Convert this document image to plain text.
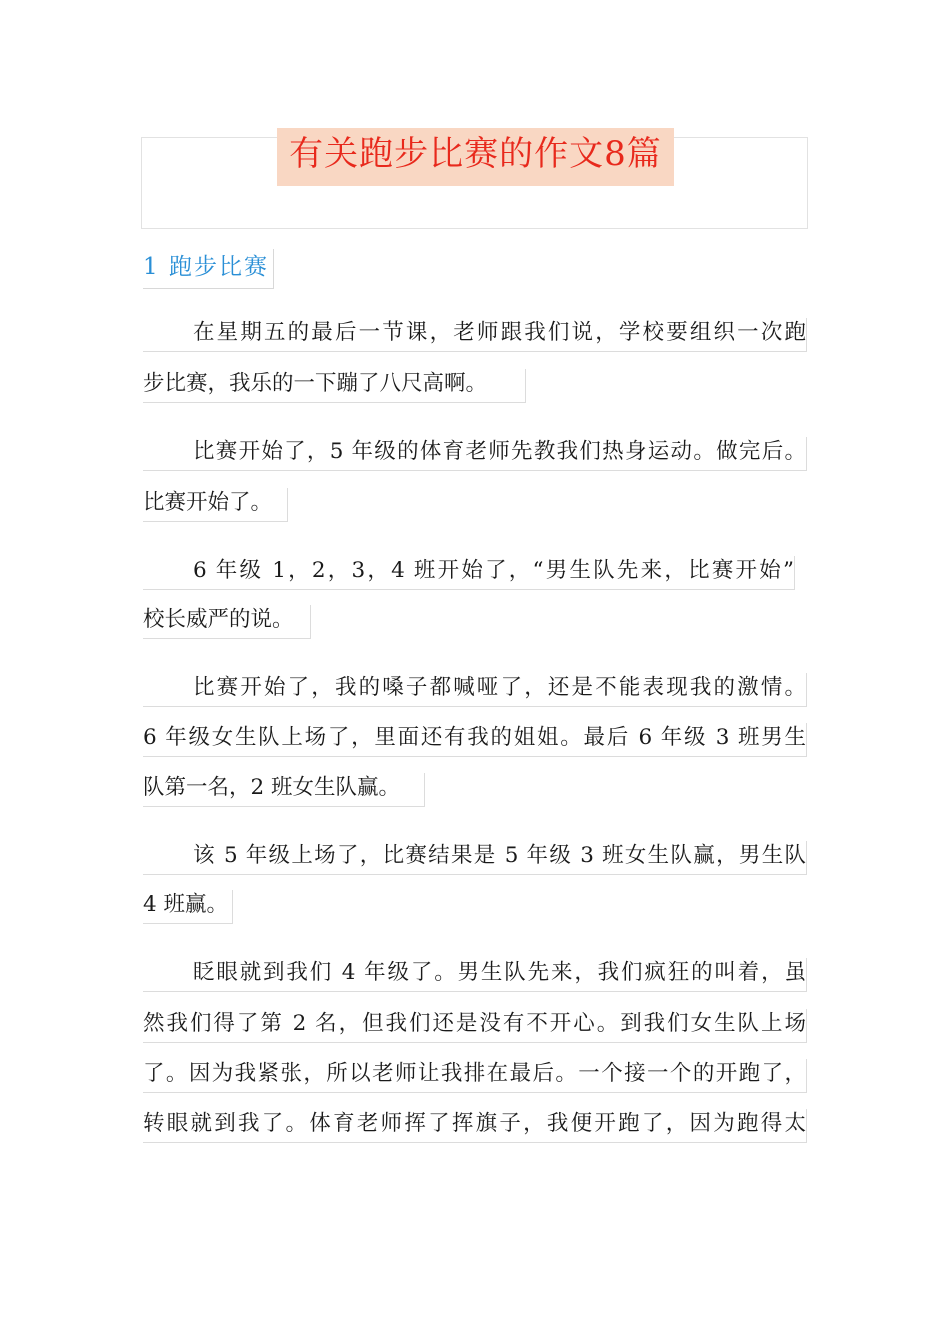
有关跑步比赛的作文8篇
1 跑步比赛
在星期五的最后一节课，老师跟我们说，学校要组织一次跑
步比赛，我乐的一下蹦了八尺高啊。
比赛开始了，5 年级的体育老师先教我们热身运动。做完后。
比赛开始了。
6 年级 1，2，3，4 班开始了，“男生队先来，比赛开始”
校长威严的说。
比赛开始了，我的嗓子都喊哑了，还是不能表现我的激情。
6 年级女生队上场了，里面还有我的姐姐。最后 6 年级 3 班男生
队第一名，2 班女生队赢。
该 5 年级上场了，比赛结果是 5 年级 3 班女生队赢，男生队
4 班赢。
眨眼就到我们 4 年级了。男生队先来，我们疯狂的叫着，虽
然我们得了第 2 名，但我们还是没有不开心。到我们女生队上场
了。因为我紧张，所以老师让我排在最后。一个接一个的开跑了，
转眼就到我了。体育老师挥了挥旗子，我便开跑了，因为跑得太
